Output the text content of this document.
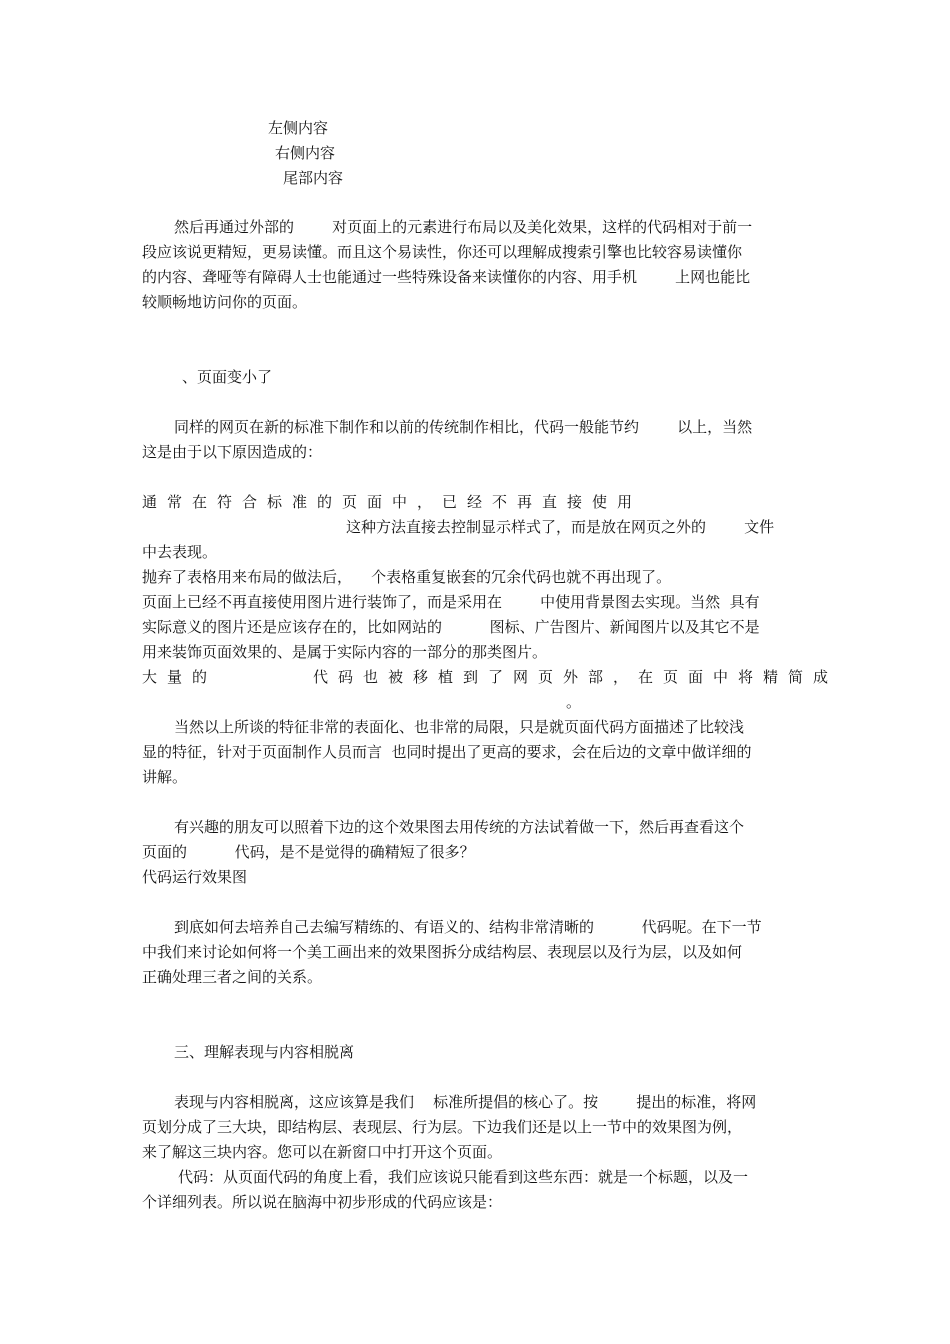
左侧内容

右侧内容

尾部内容

然后再通过外部的        对页面上的元素进行布局以及美化效果，这样的代码相对于前一

段应该说更精短，更易读懂。而且这个易读性，你还可以理解成搜索引擎也比较容易读懂你

的内容、聋哑等有障碍人士也能通过一些特殊设备来读懂你的内容、用手机        上网也能比

较顺畅地访问你的页面。

、页面变小了

同样的网页在新的标准下制作和以前的传统制作相比，代码一般能节约        以上，当然

这是由于以下原因造成的：

通常在符合标准的页面中，已经不再直接使用

这种方法直接去控制显示样式了，而是放在网页之外的        文件

中去表现。

抛弃了表格用来布局的做法后，    个表格重复嵌套的冗余代码也就不再出现了。

页面上已经不再直接使用图片进行装饰了，而是采用在        中使用背景图去实现。当然  具有

实际意义的图片还是应该存在的，比如网站的          图标、广告图片、新闻图片以及其它不是

用来装饰页面效果的、是属于实际内容的一部分的那类图片。

大量的	代码也被移植到了网页外部，在页面中将精简成

。

当然以上所谈的特征非常的表面化、也非常的局限，只是就页面代码方面描述了比较浅

显的特征，针对于页面制作人员而言  也同时提出了更高的要求，会在后边的文章中做详细的

讲解。

有兴趣的朋友可以照着下边的这个效果图去用传统的方法试着做一下，然后再查看这个

页面的          代码，是不是觉得的确精短了很多？

代码运行效果图

到底如何去培养自己去编写精练的、有语义的、结构非常清晰的          代码呢。在下一节

中我们来讨论如何将一个美工画出来的效果图拆分成结构层、表现层以及行为层，以及如何

正确处理三者之间的关系。

三、理解表现与内容相脱离

表现与内容相脱离，这应该算是我们    标准所提倡的核心了。按        提出的标准，将网

页划分成了三大块，即结构层、表现层、行为层。下边我们还是以上一节中的效果图为例，

来了解这三块内容。您可以在新窗口中打开这个页面。

代码：从页面代码的角度上看，我们应该说只能看到这些东西：就是一个标题，以及一

个详细列表。所以说在脑海中初步形成的代码应该是：
